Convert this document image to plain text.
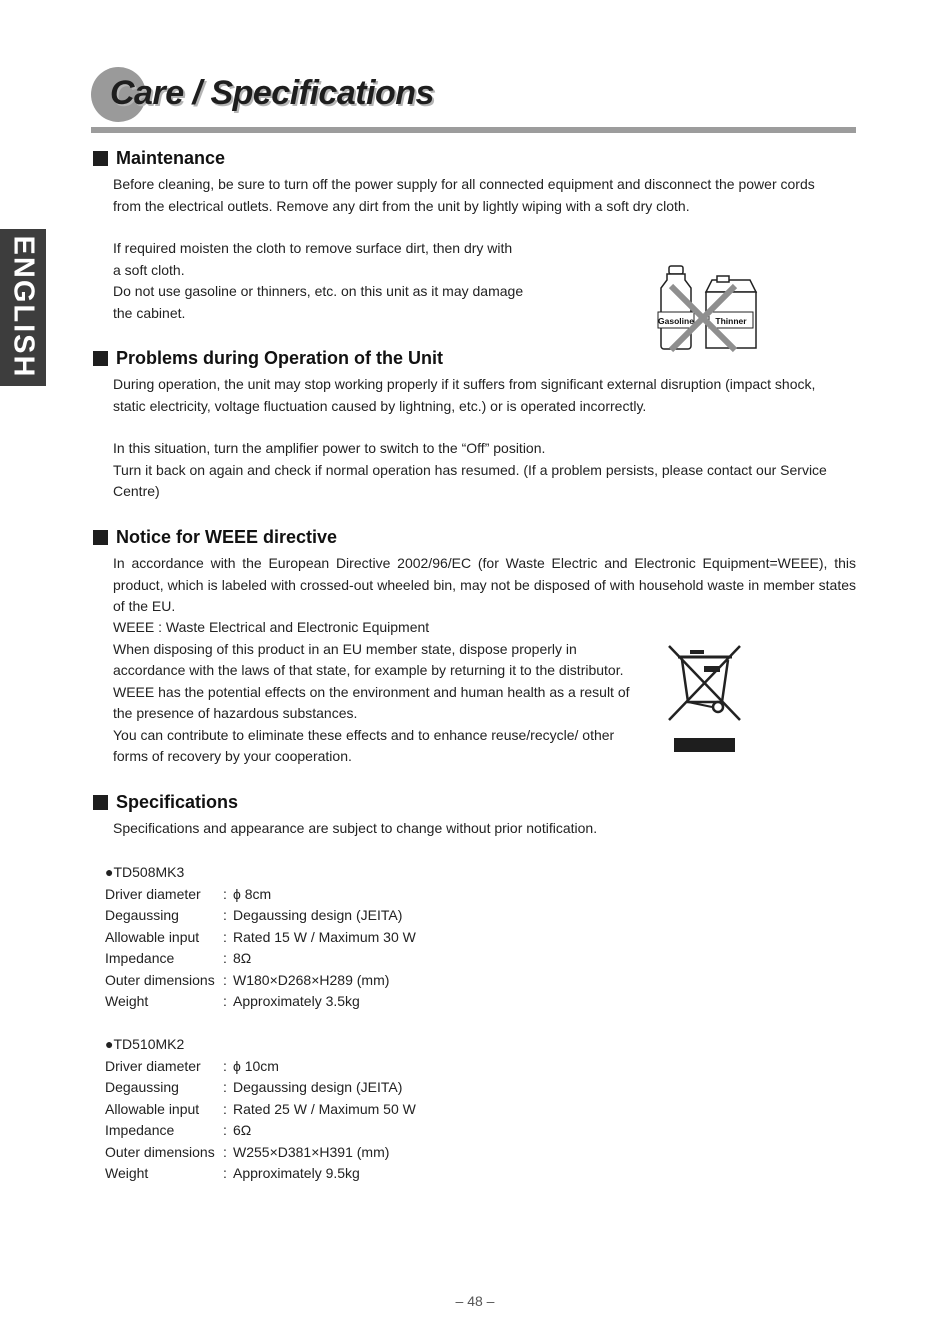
ENGLISH
Care / Specifications
Maintenance

Before cleaning, be sure to turn off the power supply for all connected equipment and disconnect the power cords
from the electrical outlets. Remove any dirt from the unit by lightly wiping with a soft dry cloth.

If required moisten the cloth to remove surface dirt, then dry with
a soft cloth.
Do not use gasoline or thinners, etc. on this unit as it may damage
the cabinet.

Gasoline	Thinner
Problems during Operation of the Unit

During operation, the unit may stop working properly if it suffers from significant external disruption (impact shock,
static electricity, voltage fluctuation caused by lightning, etc.) or is operated incorrectly.

In this situation, turn the amplifier power to switch to the “Off” position.
Turn it back on again and check if normal operation has resumed. (If a problem persists, please contact our Service
Centre)

Notice for WEEE directive

In accordance with the European Directive 2002/96/EC (for Waste Electric and Electronic Equipment=WEEE), this product, which is labeled with crossed-out wheeled bin, may not be disposed of with household waste in member states of the EU.

WEEE : Waste Electrical and Electronic Equipment
When disposing of this product in an EU member state, dispose properly in
accordance with the laws of that state, for example by returning it to the distributor.
WEEE has the potential effects on the environment and human health as a result of
the presence of hazardous substances.
You can contribute to eliminate these effects and to enhance reuse/recycle/ other
forms of recovery by your cooperation.

Specifications

Specifications and appearance are subject to change without prior notification.

●TD508MK3
Driver diameter	: ϕ 8cm
Degaussing	: Degaussing design (JEITA)
Allowable input	: Rated 15 W / Maximum 30 W
Impedance	: 8Ω
Outer dimensions : W180×D268×H289 (mm)
Weight	: Approximately 3.5kg
●TD510MK2
Driver diameter	: ϕ 10cm
Degaussing	: Degaussing design (JEITA)
Allowable input	: Rated 25 W / Maximum 50 W
Impedance	: 6Ω
Outer dimensions : W255×D381×H391 (mm)
Weight	: Approximately 9.5kg
– 48 –
